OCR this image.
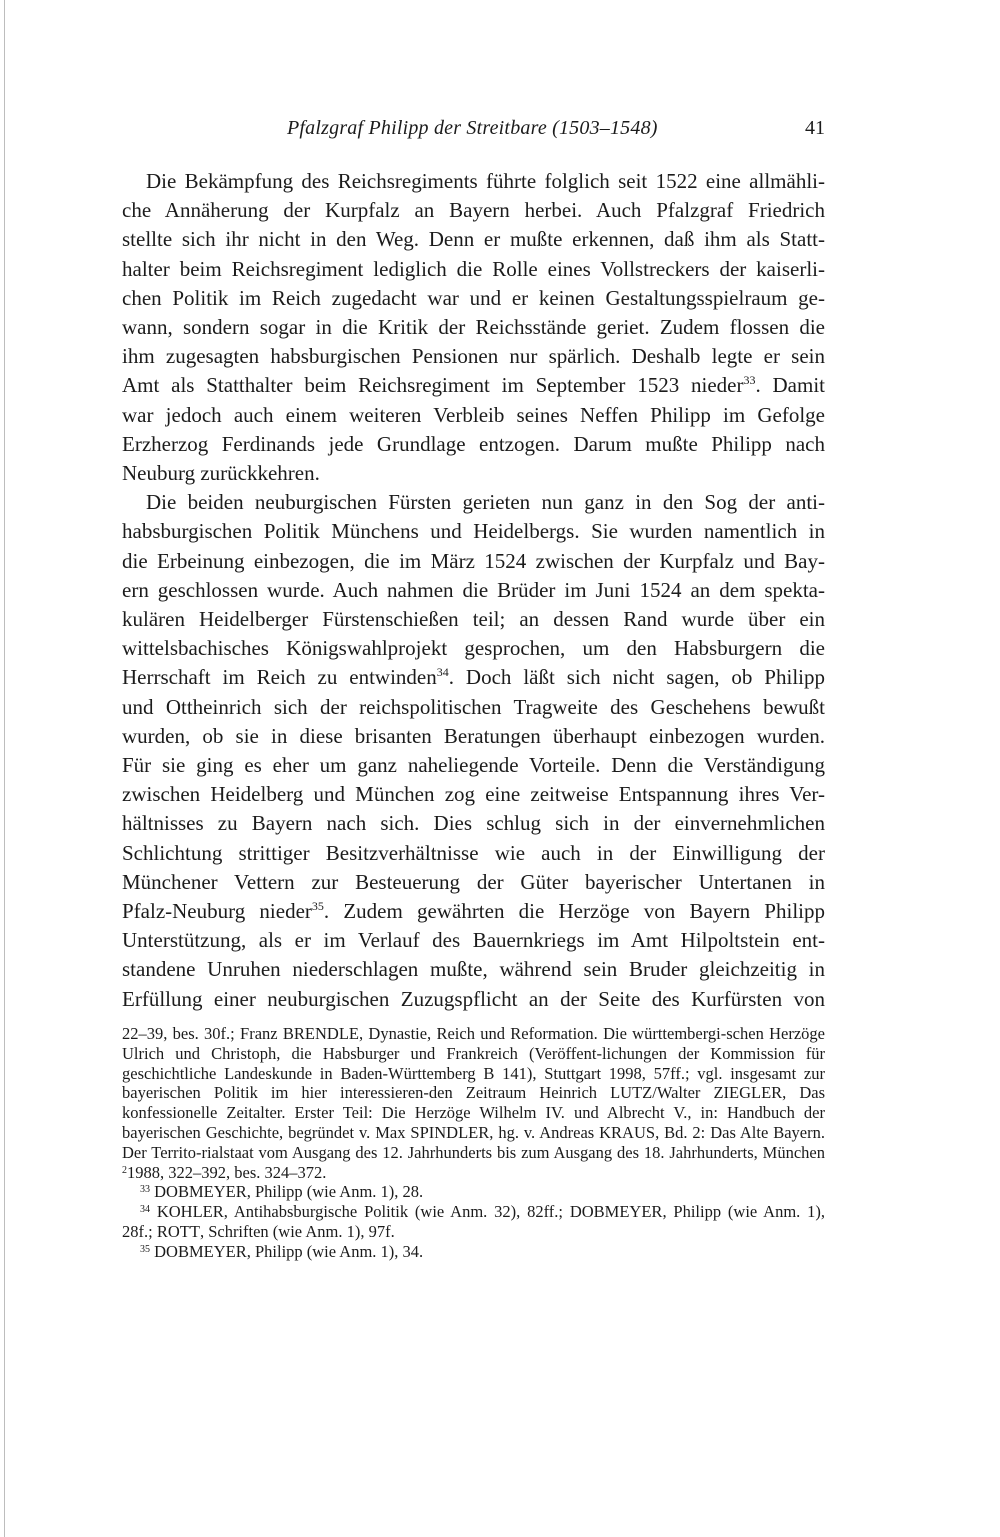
Pfalzgraf Philipp der Streitbare (1503–1548)	41
Die Bekämpfung des Reichsregiments führte folglich seit 1522 eine allmähli-
che Annäherung der Kurpfalz an Bayern herbei. Auch Pfalzgraf Friedrich
stellte sich ihr nicht in den Weg. Denn er mußte erkennen, daß ihm als Statt-
halter beim Reichsregiment lediglich die Rolle eines Vollstreckers der kaiserli-
chen Politik im Reich zugedacht war und er keinen Gestaltungsspielraum ge-
wann, sondern sogar in die Kritik der Reichsstände geriet. Zudem flossen die
ihm zugesagten habsburgischen Pensionen nur spärlich. Deshalb legte er sein
Amt als Statthalter beim Reichsregiment im September 1523 nieder$^{33}$. Damit
war jedoch auch einem weiteren Verbleib seines Neffen Philipp im Gefolge
Erzherzog Ferdinands jede Grundlage entzogen. Darum mußte Philipp nach
Neuburg zurückkehren.
Die beiden neuburgischen Fürsten gerieten nun ganz in den Sog der anti-
habsburgischen Politik Münchens und Heidelbergs. Sie wurden namentlich in
die Erbeinung einbezogen, die im März 1524 zwischen der Kurpfalz und Bay-
ern geschlossen wurde. Auch nahmen die Brüder im Juni 1524 an dem spekta-
kulären Heidelberger Fürstenschießen teil; an dessen Rand wurde über ein
wittelsbachisches Königswahlprojekt gesprochen, um den Habsburgern die
Herrschaft im Reich zu entwinden$^{34}$. Doch läßt sich nicht sagen, ob Philipp
und Ottheinrich sich der reichspolitischen Tragweite des Geschehens bewußt
wurden, ob sie in diese brisanten Beratungen überhaupt einbezogen wurden.
Für sie ging es eher um ganz naheliegende Vorteile. Denn die Verständigung
zwischen Heidelberg und München zog eine zeitweise Entspannung ihres Ver-
hältnisses zu Bayern nach sich. Dies schlug sich in der einvernehmlichen
Schlichtung strittiger Besitzverhältnisse wie auch in der Einwilligung der
Münchener Vettern zur Besteuerung der Güter bayerischer Untertanen in
Pfalz-Neuburg nieder$^{35}$. Zudem gewährten die Herzöge von Bayern Philipp
Unterstützung, als er im Verlauf des Bauernkriegs im Amt Hilpoltstein ent-
standene Unruhen niederschlagen mußte, während sein Bruder gleichzeitig in
Erfüllung einer neuburgischen Zuzugspflicht an der Seite des Kurfürsten von

22–39, bes. 30f.; Franz BRENDLE, Dynastie, Reich und Reformation. Die württembergi-schen Herzöge Ulrich und Christoph, die Habsburger und Frankreich (Veröffent-lichungen der Kommission für geschichtliche Landeskunde in Baden-Württemberg B 141), Stuttgart 1998, 57ff.; vgl. insgesamt zur bayerischen Politik im hier interessieren-den Zeitraum Heinrich LUTZ/Walter ZIEGLER, Das konfessionelle Zeitalter. Erster Teil: Die Herzöge Wilhelm IV. und Albrecht V., in: Handbuch der bayerischen Geschichte, begründet v. Max SPINDLER, hg. v. Andreas KRAUS, Bd. 2: Das Alte Bayern. Der Territo-rialstaat vom Ausgang des 12. Jahrhunderts bis zum Ausgang des 18. Jahrhunderts, München $^2$1988, 322–392, bes. 324–372.

$^{33}$ DOBMEYER, Philipp (wie Anm. 1), 28.

$^{34}$ KOHLER, Antihabsburgische Politik (wie Anm. 32), 82ff.; DOBMEYER, Philipp (wie Anm. 1), 28f.; ROTT, Schriften (wie Anm. 1), 97f.

$^{35}$ DOBMEYER, Philipp (wie Anm. 1), 34.
